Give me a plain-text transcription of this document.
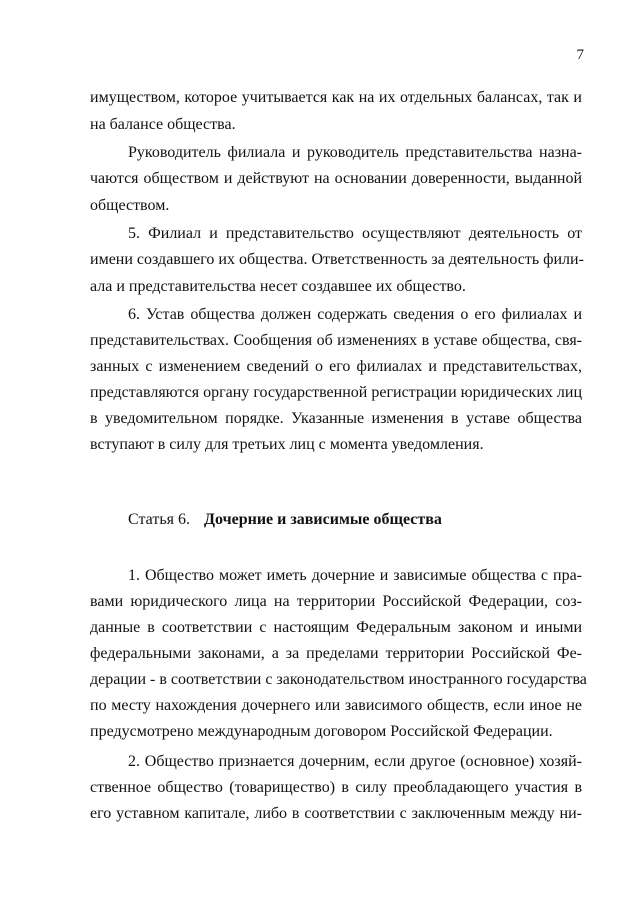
7
имуществом, которое учитывается как на их отдельных балансах, так и
на балансе общества.
Руководитель филиала и руководитель представительства назна-
чаются обществом и действуют на основании доверенности, выданной
обществом.
5. Филиал и представительство осуществляют деятельность от
имени создавшего их общества. Ответственность за деятельность фили-
ала и представительства несет создавшее их общество.
6. Устав общества должен содержать сведения о его филиалах и
представительствах. Сообщения об изменениях в уставе общества, свя-
занных с изменением сведений о его филиалах и представительствах,
представляются органу государственной регистрации юридических лиц
в уведомительном порядке. Указанные изменения в уставе общества
вступают в силу для третьих лиц с момента уведомления.
Статья 6. Дочерние и зависимые общества
1. Общество может иметь дочерние и зависимые общества с пра-
вами юридического лица на территории Российской Федерации, соз-
данные в соответствии с настоящим Федеральным законом и иными
федеральными законами, а за пределами территории Российской Фе-
дерации - в соответствии с законодательством иностранного государства
по месту нахождения дочернего или зависимого обществ, если иное не
предусмотрено международным договором Российской Федерации.
2. Общество признается дочерним, если другое (основное) хозяй-
ственное общество (товарищество) в силу преобладающего участия в
его уставном капитале, либо в соответствии с заключенным между ни-
